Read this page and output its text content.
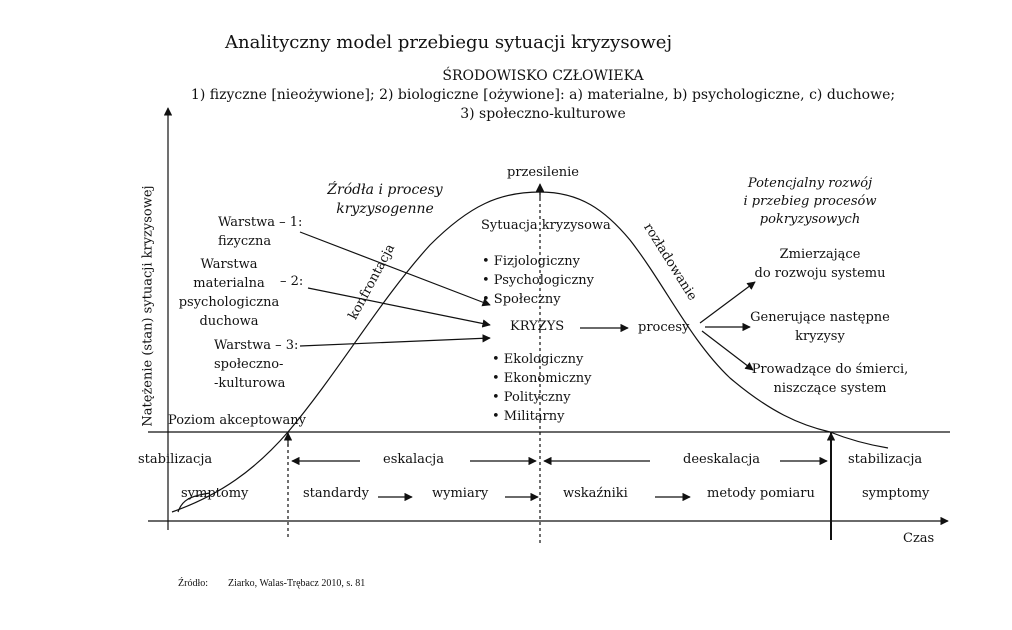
Analityczny model przebiegu sytuacji kryzysowej
ŚRODOWISKO CZŁOWIEKA
1) fizyczne [nieożywione]; 2) biologiczne [ożywione]: a) materialne, b) psychologiczne, c) duchowe;
3) społeczno-kulturowe
Natężenie (stan) sytuacji kryzysowej
Czas
przesilenie
Źródła i procesy
kryzysogenne
Warstwa – 1:
fizyczna
Warstwa
materialna
psychologiczna
duchowa
– 2:
Warstwa – 3:
społeczno-
-kulturowa
konfrontacja	rozładowanie
Sytuacja kryzysowa
• Fizjologiczny
• Psychologiczny
• Społeczny
KRYZYS	procesy
• Ekologiczny
• Ekonomiczny
• Polityczny
• Militarny
Potencjalny rozwój
i przebieg procesów
pokryzysowych
Zmierzające
do rozwoju systemu
Generujące następne
kryzysy
Prowadzące do śmierci,
niszczące system
Poziom akceptowany
stabilizacja	eskalacja	deeskalacja	stabilizacja
symptomy	standardy	wymiary	wskaźniki	metody pomiaru	symptomy
Źródło: Ziarko, Walas-Trębacz 2010, s. 81
